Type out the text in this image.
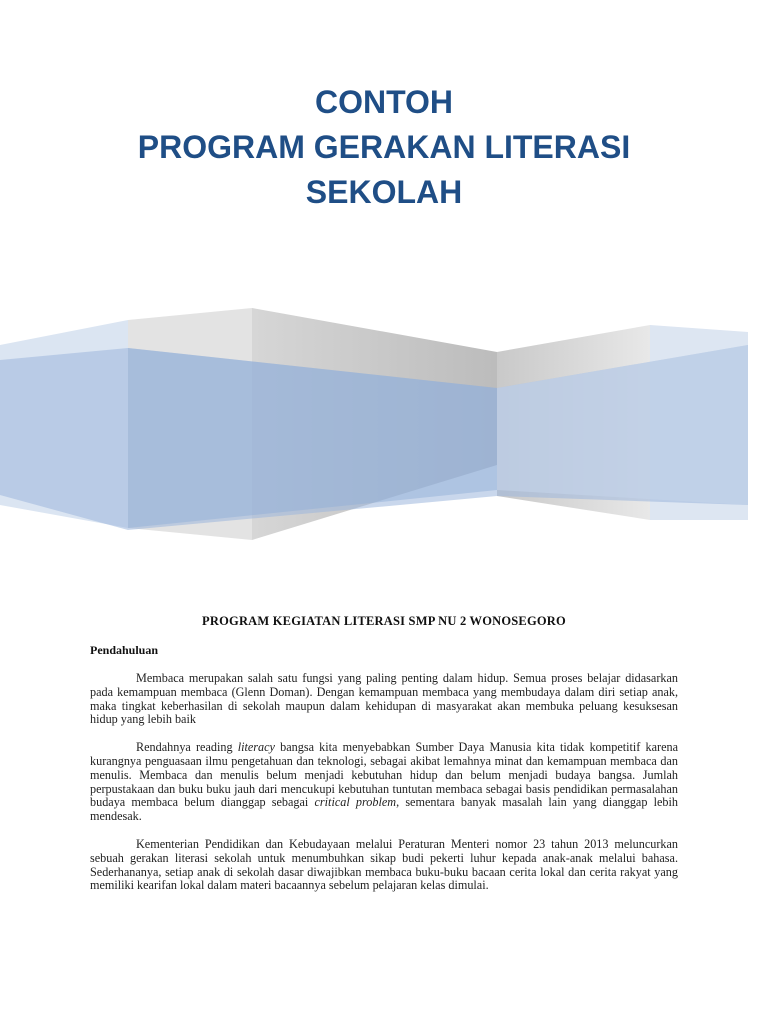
CONTOH
PROGRAM GERAKAN LITERASI
SEKOLAH
PROGRAM KEGIATAN LITERASI SMP NU 2 WONOSEGORO
Pendahuluan

Membaca merupakan salah satu fungsi yang paling penting dalam hidup. Semua proses belajar didasarkan pada kemampuan membaca (Glenn Doman). Dengan kemampuan membaca yang membudaya dalam diri setiap anak, maka tingkat keberhasilan di sekolah maupun dalam kehidupan di masyarakat akan membuka peluang kesuksesan hidup yang lebih baik

Rendahnya reading literacy bangsa kita menyebabkan Sumber Daya Manusia kita tidak kompetitif karena kurangnya penguasaan ilmu pengetahuan dan teknologi, sebagai akibat lemahnya minat dan kemampuan membaca dan menulis. Membaca dan menulis belum menjadi kebutuhan hidup dan belum menjadi budaya bangsa. Jumlah perpustakaan dan buku buku jauh dari mencukupi kebutuhan tuntutan membaca sebagai basis pendidikan permasalahan budaya membaca belum dianggap sebagai critical problem, sementara banyak masalah lain yang dianggap lebih mendesak.

Kementerian Pendidikan dan Kebudayaan melalui Peraturan Menteri nomor 23 tahun 2013 meluncurkan sebuah gerakan literasi sekolah untuk menumbuhkan sikap budi pekerti luhur kepada anak-anak melalui bahasa. Sederhananya, setiap anak di sekolah dasar diwajibkan membaca buku-buku bacaan cerita lokal dan cerita rakyat yang memiliki kearifan lokal dalam materi bacaannya sebelum pelajaran kelas dimulai.
